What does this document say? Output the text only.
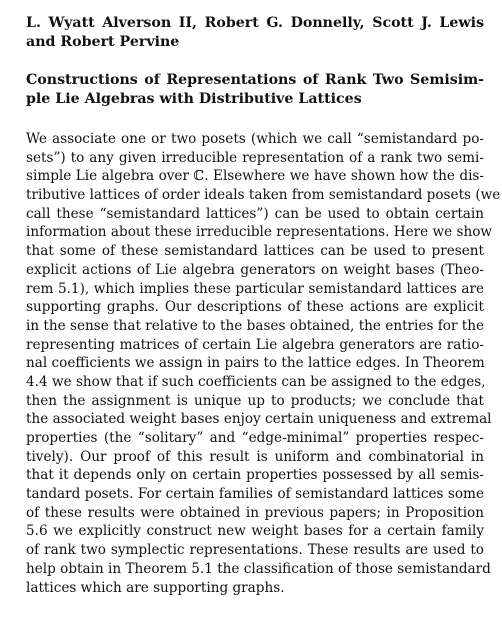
L. Wyatt Alverson II, Robert G. Donnelly, Scott J. Lewis
and Robert Pervine
Constructions of Representations of Rank Two Semisim-
ple Lie Algebras with Distributive Lattices
We associate one or two posets (which we call “semistandard po-
sets”) to any given irreducible representation of a rank two semi-
simple Lie algebra over ℂ. Elsewhere we have shown how the dis-
tributive lattices of order ideals taken from semistandard posets (we
call these “semistandard lattices”) can be used to obtain certain
information about these irreducible representations. Here we show
that some of these semistandard lattices can be used to present
explicit actions of Lie algebra generators on weight bases (Theo-
rem 5.1), which implies these particular semistandard lattices are
supporting graphs. Our descriptions of these actions are explicit
in the sense that relative to the bases obtained, the entries for the
representing matrices of certain Lie algebra generators are ratio-
nal coefficients we assign in pairs to the lattice edges. In Theorem
4.4 we show that if such coefficients can be assigned to the edges,
then the assignment is unique up to products; we conclude that
the associated weight bases enjoy certain uniqueness and extremal
properties (the “solitary” and “edge-minimal” properties respec-
tively). Our proof of this result is uniform and combinatorial in
that it depends only on certain properties possessed by all semis-
tandard posets. For certain families of semistandard lattices some
of these results were obtained in previous papers; in Proposition
5.6 we explicitly construct new weight bases for a certain family
of rank two symplectic representations. These results are used to
help obtain in Theorem 5.1 the classification of those semistandard
lattices which are supporting graphs.
